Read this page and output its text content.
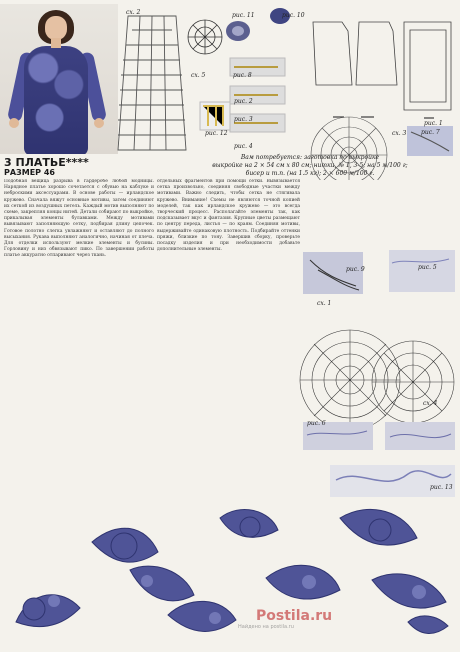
3 ПЛАТЬЕ****
РАЗМЕР 46
Вам потребуется: заготовка по выкройке
выкройке на 2 × 54 см х 80 см; нитки, № 1, 3-5; на 5 м/100 г;
бисер и т.п. (на 1.5 кг); 2 × 600 м/100 г.
сх. 2	рис. 11	рис. 10
сх. 5	рис. 8
рис. 2
рис. 3
рис. 12
рис. 4
рис. 1
рис. 7
сх. 3
рис. 9	рис. 5
сх. 1
сх. 4
рис. 6
рис. 13
Подобная вещица разрыва в гардеробе любой модницы. Нарядное платье хорошо сочетается с обувью на каблуке и неброскими аксессуарами. В основе работы — ирландское кружево. Сначала вяжут основные мотивы, затем соединяют их сеткой из воздушных петель. Каждый мотив выполняют по схеме, закрепляя концы нитей. Детали собирают по выкройке, прикалывая элементы булавками. Между мотивами вывязывают заполняющую сетку, подбирая длину цепочек. Готовое полотно слегка увлажняют и оставляют до полного высыхания. Рукава выполняют аналогично, начиная от плеча. Для отделки используют мелкие элементы и бусины. Горловину и низ обвязывают пико. По завершении работы платье аккуратно отпаривают через ткань.
отдельных фрагментов при помощи сетки. Вывязывается сетка произвольно, соединяя свободные участки между мотивами. Важно следить, чтобы сетка не стягивала кружево. Внимание! Схемы не являются точной копией моделей, так как ирландское кружево — это всегда творческий процесс. Располагайте элементы так, как подсказывает вкус и фантазия. Крупные цветы размещают по центру переда, листья — по краям. Соединяя мотивы, выдерживайте одинаковую плотность. Подбирайте оттенки пряжи, близкие по тону. Завершив сборку, проверьте посадку изделия и при необходимости добавьте дополнительные элементы.
Postila.ru
Найдено на postila.ru
